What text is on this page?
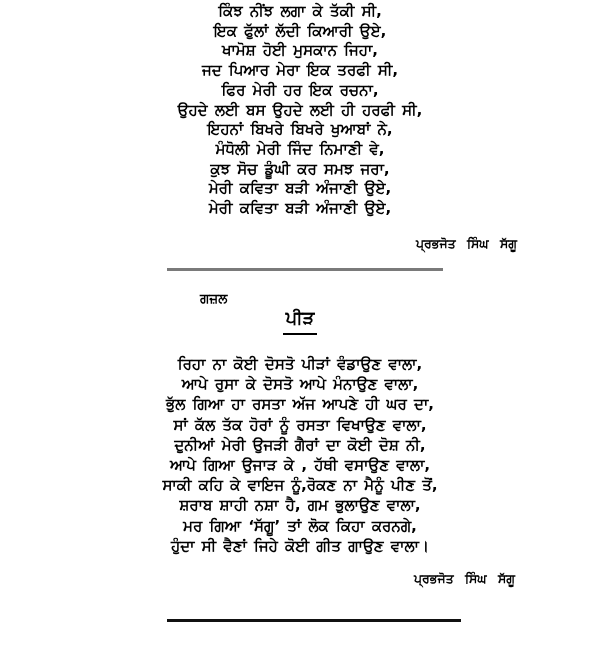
ਕਿੰਝ ਨੀਂਝ ਲਗਾ ਕੇ ਤੱਕੀ ਸੀ,
ਇਕ ਫੁੱਲਾਂ ਲੱਦੀ ਕਿਆਰੀ ਉਏ,
ਖਾਮੋਸ਼ ਹੋਈ ਮੁਸਕਾਨ ਜਿਹਾ,
ਜਦ ਪਿਆਰ ਮੇਰਾ ਇਕ ਤਰਫੀ ਸੀ,
ਫਿਰ ਮੇਰੀ ਹਰ ਇਕ ਰਚਨਾ,
ਉਹਦੇ ਲਈ ਬਸ ਉਹਦੇ ਲਈ ਹੀ ਹਰਫੀ ਸੀ,
ਇਹਨਾਂ ਬਿਖਰੇ ਬਿਖਰੇ ਖੁਆਬਾਂ ਨੇ,
ਮੰਧੋਲੀ ਮੇਰੀ ਜਿੰਦ ਨਿਮਾਣੀ ਵੇ,
ਕੁਝ ਸੋਚ ਡੂੰਘੀ ਕਰ ਸਮਝ ਜਰਾ,
ਮੇਰੀ ਕਵਿਤਾ ਬੜੀ ਅੰਜਾਣੀ ਉਏ,
ਮੇਰੀ ਕਵਿਤਾ ਬੜੀ ਅੰਜਾਣੀ ਉਏ,
ਪ੍ਰਭਜੋਤ ਸਿੰਘ ਸੱਗੂ
ਗਜ਼ਲ
ਪੀੜ
ਰਿਹਾ ਨਾ ਕੋਈ ਦੋਸਤੋ ਪੀੜਾਂ ਵੰਡਾਉਣ ਵਾਲਾ,
ਆਪੇ ਰੁਸਾ ਕੇ ਦੋਸਤੋ ਆਪੇ ਮੰਨਾਉਣ ਵਾਲਾ,
ਭੁੱਲ ਗਿਆ ਹਾ ਰਸਤਾ ਅੱਜ ਆਪਣੇ ਹੀ ਘਰ ਦਾ,
ਸਾਂ ਕੱਲ ਤੱਕ ਹੋਰਾਂ ਨੂੰ ਰਸਤਾ ਵਿਖਾਉਣ ਵਾਲਾ,
ਦੁਨੀਆਂ ਮੇਰੀ ਉਜੜੀ ਗੈਰਾਂ ਦਾ ਕੋਈ ਦੋਸ਼ ਨੀ,
ਆਪੇ ਗਿਆ ਉਜਾੜ ਕੇ , ਹੱਥੀ ਵਸਾਉਣ ਵਾਲਾ,
ਸਾਕੀ ਕਹਿ ਕੇ ਵਾਇਜ ਨੂੰ,ਰੋਕਣ ਨਾ ਮੈਨੂੰ ਪੀਣ ਤੋਂ,
ਸ਼ਰਾਬ ਸ਼ਾਹੀ ਨਸ਼ਾ ਹੈ, ਗਮ ਭੁਲਾਉਣ ਵਾਲਾ,
ਮਰ ਗਿਆ ‘ਸੱਗੂ’ ਤਾਂ ਲੋਕ ਕਿਹਾ ਕਰਨਗੇ,
ਹੁੰਦਾ ਸੀ ਵੈਣਾਂ ਜਿਹੇ ਕੋਈ ਗੀਤ ਗਾਉਣ ਵਾਲਾ।
ਪ੍ਰਭਜੋਤ ਸਿੰਘ ਸੱਗੂ
